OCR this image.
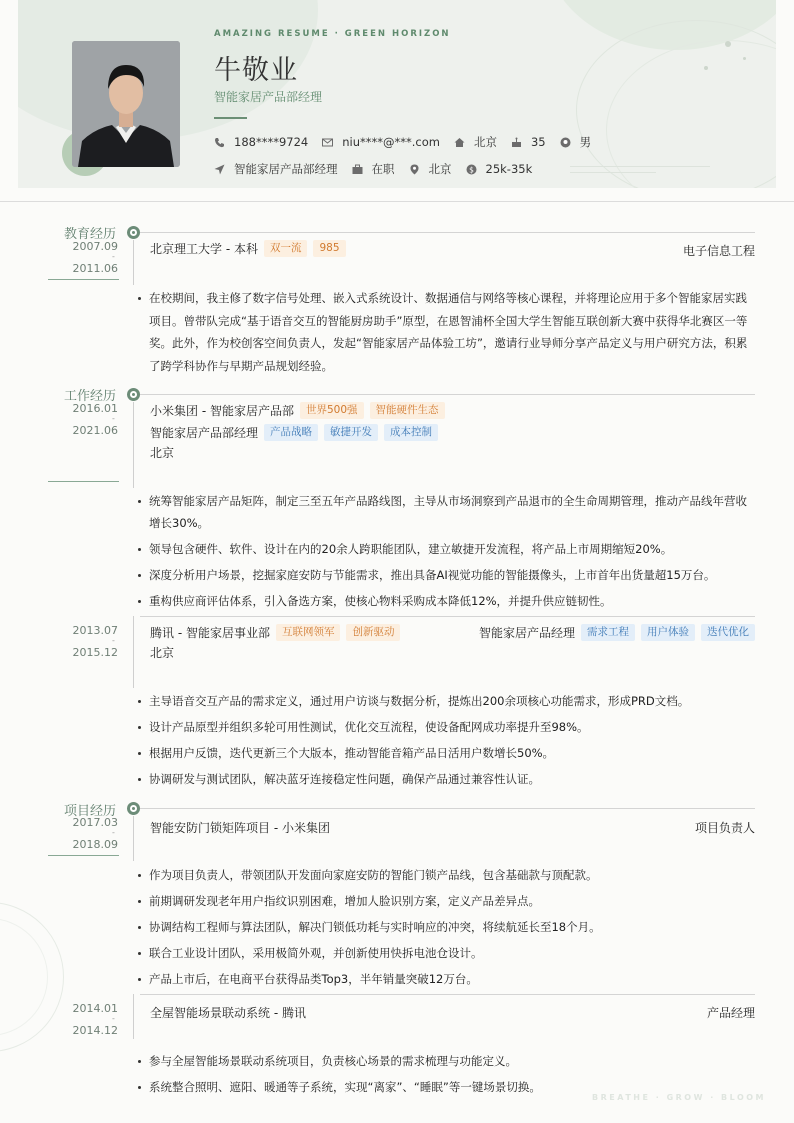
AMAZING RESUME · GREEN HORIZON
牛敬业
智能家居产品部经理
188****9724	niu****@***.com	北京	35	男
智能家居产品部经理	在职	北京 $ 25k-35k
教育经历
2007.09
-
2011.06
北京理工大学 - 本科	双一流	985	电子信息工程
在校期间，我主修了数字信号处理、嵌入式系统设计、数据通信与网络等核心课程，并将理论应用于多个智能家居实践项目。曾带队完成“基于语音交互的智能厨房助手”原型，在恩智浦杯全国大学生智能互联创新大赛中获得华北赛区一等奖。此外，作为校创客空间负责人，发起“智能家居产品体验工坊”，邀请行业导师分享产品定义与用户研究方法，积累了跨学科协作与早期产品规划经验。
工作经历
2016.01
-
2021.06
小米集团 - 智能家居产品部	世界500强	智能硬件生态
智能家居产品部经理	产品战略	敏捷开发	成本控制
北京
统筹智能家居产品矩阵，制定三至五年产品路线图，主导从市场洞察到产品退市的全生命周期管理，推动产品线年营收增长30%。
领导包含硬件、软件、设计在内的20余人跨职能团队，建立敏捷开发流程，将产品上市周期缩短20%。
深度分析用户场景，挖掘家庭安防与节能需求，推出具备AI视觉功能的智能摄像头，上市首年出货量超15万台。
重构供应商评估体系，引入备选方案，使核心物料采购成本降低12%，并提升供应链韧性。
2013.07
-
2015.12
腾讯 - 智能家居事业部	互联网领军	创新驱动	智能家居产品经理	需求工程	用户体验	迭代优化
北京
主导语音交互产品的需求定义，通过用户访谈与数据分析，提炼出200余项核心功能需求，形成PRD文档。
设计产品原型并组织多轮可用性测试，优化交互流程，使设备配网成功率提升至98%。
根据用户反馈，迭代更新三个大版本，推动智能音箱产品日活用户数增长50%。
协调研发与测试团队，解决蓝牙连接稳定性问题，确保产品通过兼容性认证。
项目经历
2017.03
-
2018.09
智能安防门锁矩阵项目 - 小米集团	项目负责人
作为项目负责人，带领团队开发面向家庭安防的智能门锁产品线，包含基础款与顶配款。
前期调研发现老年用户指纹识别困难，增加人脸识别方案，定义产品差异点。
协调结构工程师与算法团队，解决门锁低功耗与实时响应的冲突，将续航延长至18个月。
联合工业设计团队，采用极简外观，并创新使用快拆电池仓设计。
产品上市后，在电商平台获得品类Top3，半年销量突破12万台。
2014.01
-
2014.12
全屋智能场景联动系统 - 腾讯	产品经理
参与全屋智能场景联动系统项目，负责核心场景的需求梳理与功能定义。
系统整合照明、遮阳、暖通等子系统，实现“离家”、“睡眠”等一键场景切换。
BREATHE · GROW · BLOOM
